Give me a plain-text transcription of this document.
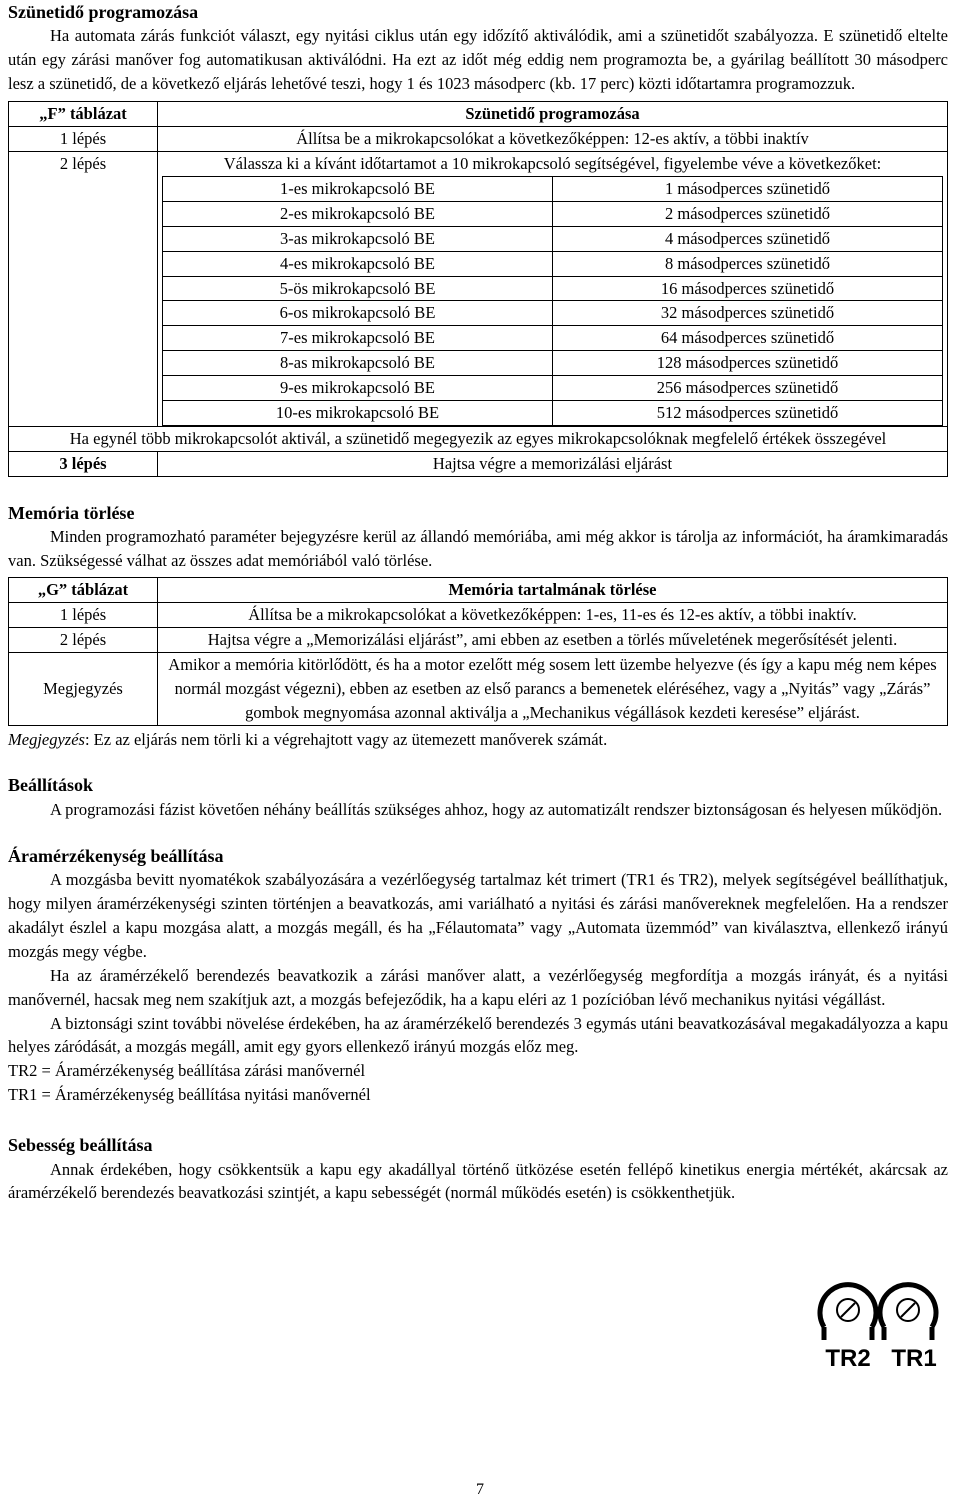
Szünetidő programozása

Ha automata zárás funkciót választ, egy nyitási ciklus után egy időzítő aktiválódik, ami a szünetidőt szabályozza. E szünetidő eltelte után egy zárási manőver fog automatikusan aktiválódni. Ha ezt az időt még eddig nem programozta be, a gyárilag beállított 30 másodperc lesz a szünetidő, de a következő eljárás lehetővé teszi, hogy 1 és 1023 másodperc (kb. 17 perc) közti időtartamra programozzuk.

„F” táblázat	Szünetidő programozása
1 lépés	Állítsa be a mikrokapcsolókat a következőképpen: 12-es aktív, a többi inaktív
2 lépés	Válassza ki a kívánt időtartamot a 10 mikrokapcsoló segítségével, figyelembe véve a következőket:
1-es mikrokapcsoló BE	1 másodperces szünetidő
2-es mikrokapcsoló BE	2 másodperces szünetidő
3-as mikrokapcsoló BE	4 másodperces szünetidő
4-es mikrokapcsoló BE	8 másodperces szünetidő
5-ös mikrokapcsoló BE	16 másodperces szünetidő
6-os mikrokapcsoló BE	32 másodperces szünetidő
7-es mikrokapcsoló BE	64 másodperces szünetidő
8-as mikrokapcsoló BE	128 másodperces szünetidő
9-es mikrokapcsoló BE	256 másodperces szünetidő
10-es mikrokapcsoló BE	512 másodperces szünetidő

Ha egynél több mikrokapcsolót aktivál, a szünetidő megegyezik az egyes mikrokapcsolóknak megfelelő értékek összegével
3 lépés	Hajtsa végre a memorizálási eljárást
Memória törlése

Minden programozható paraméter bejegyzésre kerül az állandó memóriába, ami még akkor is tárolja az információt, ha áramkimaradás van. Szükségessé válhat az összes adat memóriából való törlése.

„G” táblázat	Memória tartalmának törlése
1 lépés	Állítsa be a mikrokapcsolókat a következőképpen: 1-es, 11-es és 12-es aktív, a többi inaktív.
2 lépés	Hajtsa végre a „Memorizálási eljárást”, ami ebben az esetben a törlés műveletének megerősítését jelenti.
Megjegyzés	Amikor a memória kitörlődött, és ha a motor ezelőtt még sosem lett üzembe helyezve (és így a kapu még nem képes normál mozgást végezni), ebben az esetben az első parancs a bemenetek eléréséhez, vagy a „Nyitás” vagy „Zárás” gombok megnyomása azonnal aktiválja a „Mechanikus végállások kezdeti keresése” eljárást.

Megjegyzés: Ez az eljárás nem törli ki a végrehajtott vagy az ütemezett manőverek számát.

Beállítások

A programozási fázist követően néhány beállítás szükséges ahhoz, hogy az automatizált rendszer biztonságosan és helyesen működjön.

Áramérzékenység beállítása

A mozgásba bevitt nyomatékok szabályozására a vezérlőegység tartalmaz két trimert (TR1 és TR2), melyek segítségével beállíthatjuk, hogy milyen áramérzékenységi szinten történjen a beavatkozás, ami variálható a nyitási és zárási manővereknek megfelelően. Ha a rendszer akadályt észlel a kapu mozgása alatt, a mozgás megáll, és ha „Félautomata” vagy „Automata üzemmód” van kiválasztva, ellenkező irányú mozgás megy végbe.

Ha az áramérzékelő berendezés beavatkozik a zárási manőver alatt, a vezérlőegység megfordítja a mozgás irányát, és a nyitási manővernél, hacsak meg nem szakítjuk azt, a mozgás befejeződik, ha a kapu eléri az 1 pozícióban lévő mechanikus nyitási végállást.

A biztonsági szint további növelése érdekében, ha az áramérzékelő berendezés 3 egymás utáni beavatkozásával megakadályozza a kapu helyes záródását, a mozgás megáll, amit egy gyors ellenkező irányú mozgás előz meg.

TR2 = Áramérzékenység beállítása zárási manővernél

TR1 = Áramérzékenység beállítása nyitási manővernél

Sebesség beállítása

Annak érdekében, hogy csökkentsük a kapu egy akadállyal történő ütközése esetén fellépő kinetikus energia mértékét, akárcsak az áramérzékelő berendezés beavatkozási szintjét, a kapu sebességét (normál működés esetén) is csökkenthetjük.

TR2 TR1
7
